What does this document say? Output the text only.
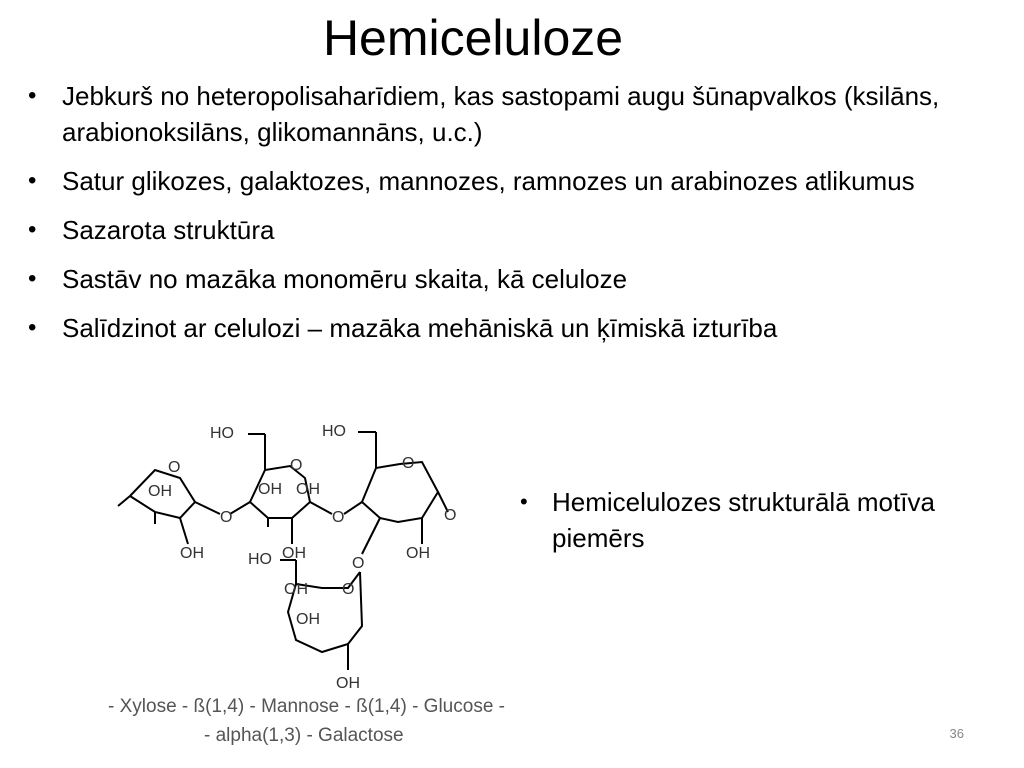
Hemiceluloze
• Jebkurš no heteropolisaharīdiem, kas sastopami augu šūnapvalkos (ksilāns, arabionoksilāns, glikomannāns, u.c.)
• Satur glikozes, galaktozes, mannozes, ramnozes un arabinozes atlikumus
• Sazarota struktūra
• Sastāv no mazāka monomēru skaita, kā celuloze
• Salīdzinot ar celulozi – mazāka mehāniskā un ķīmiskā izturība
O
OH
OH
O
HO
O
OH OH
OH
O
HO
O
OH
O
O
HO
O
OH
OH
OH
- Xylose - ß(1,4) - Mannose - ß(1,4) - Glucose -
- alpha(1,3) - Galactose
• Hemicelulozes strukturālā motīva piemērs
36
